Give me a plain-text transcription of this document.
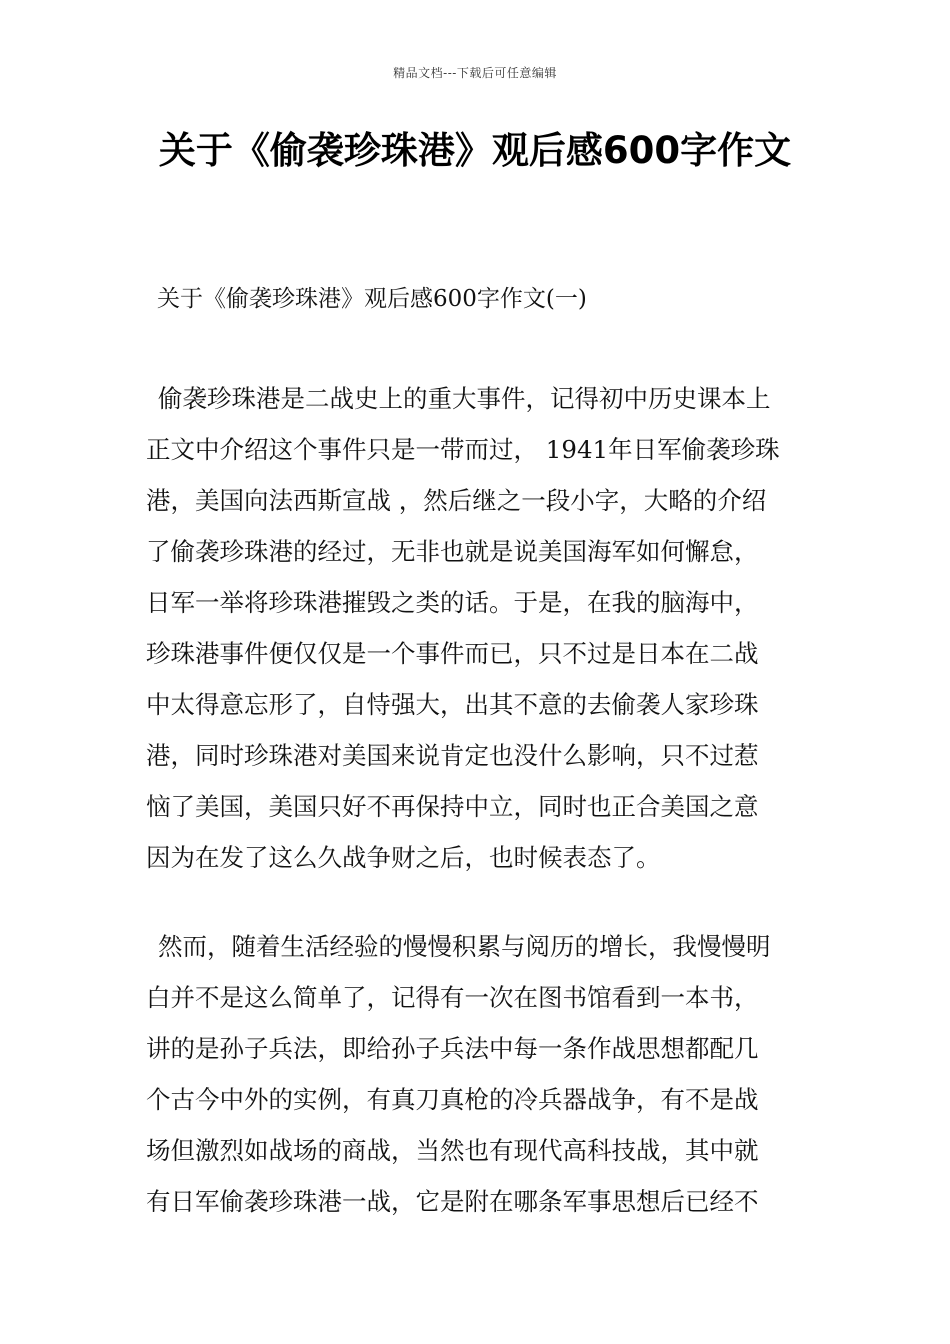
精品文档---下载后可任意编辑
关于《偷袭珍珠港》观后感600字作文
关于《偷袭珍珠港》观后感600字作文(一)
偷袭珍珠港是二战史上的重大事件，记得初中历史课本上
正文中介绍这个事件只是一带而过， 1941年日军偷袭珍珠
港，美国向法西斯宣战 ，然后继之一段小字，大略的介绍
了偷袭珍珠港的经过，无非也就是说美国海军如何懈怠，
日军一举将珍珠港摧毁之类的话。于是，在我的脑海中，
珍珠港事件便仅仅是一个事件而已，只不过是日本在二战
中太得意忘形了，自恃强大，出其不意的去偷袭人家珍珠
港，同时珍珠港对美国来说肯定也没什么影响，只不过惹
恼了美国，美国只好不再保持中立，同时也正合美国之意
因为在发了这么久战争财之后，也时候表态了。
然而，随着生活经验的慢慢积累与阅历的增长，我慢慢明
白并不是这么简单了，记得有一次在图书馆看到一本书，
讲的是孙子兵法，即给孙子兵法中每一条作战思想都配几
个古今中外的实例，有真刀真枪的冷兵器战争，有不是战
场但激烈如战场的商战，当然也有现代高科技战，其中就
有日军偷袭珍珠港一战，它是附在哪条军事思想后已经不
